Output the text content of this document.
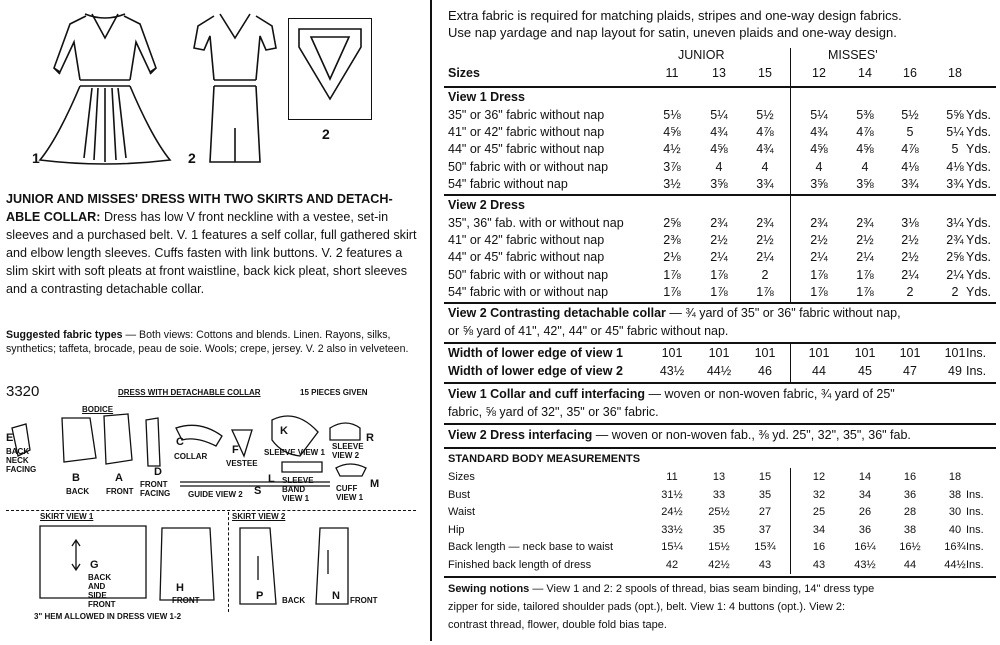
1	2
2
JUNIOR AND MISSES' DRESS WITH TWO SKIRTS AND DETACH-ABLE COLLAR: Dress has low V front neckline with a vestee, set-in sleeves and a purchased belt. V. 1 features a self collar, full gathered skirt and elbow length sleeves. Cuffs fasten with link buttons. V. 2 features a slim skirt with soft pleats at front waistline, back kick pleat, short sleeves and a contrasting detachable collar.
Suggested fabric types — Both views: Cottons and blends. Linen. Rayons, silks, synthetics; taffeta, brocade, peau de soie. Wools; crepe, jersey. V. 2 also in velveteen.
3320	DRESS WITH DETACHABLE COLLAR	15 PIECES GIVEN
BODICE
E
BACK NECK FACING
B
BACK
A
FRONT
D
FRONT FACING
C
COLLAR
F
VESTEE
K
SLEEVE VIEW 1
R
SLEEVE VIEW 2
GUIDE VIEW 2 S
SLEEVE BAND VIEW 1
L
CUFF VIEW 1
M
SKIRT VIEW 1	SKIRT VIEW 2
G
BACK AND SIDE FRONT
H
FRONT	P BACK N FRONT
3" HEM ALLOWED IN DRESS VIEW 1-2
Extra fabric is required for matching plaids, stripes and one-way design fabrics.
Use nap yardage and nap layout for satin, uneven plaids and one-way design.
JUNIOR	MISSES'
Sizes	11	13	15	12	14	16	18
View 1 Dress
35" or 36" fabric without nap	5⅛	5¼	5½	5¼	5⅜	5½	5⅝ Yds.
41" or 42" fabric without nap	4⅝	4¾	4⅞	4¾	4⅞	5	5¼ Yds.
44" or 45" fabric without nap	4½	4⅝	4¾	4⅝	4⅝	4⅞	5 Yds.
50" fabric with or without nap	3⅞	4	4	4	4	4⅛	4⅛ Yds.
54" fabric without nap	3½	3⅝	3¾	3⅝	3⅝	3¾	3¾ Yds.
View 2 Dress
35", 36" fab. with or without nap	2⅝	2¾	2¾	2¾	2¾	3⅛	3¼ Yds.
41" or 42" fabric without nap	2⅜	2½	2½	2½	2½	2½	2¾ Yds.
44" or 45" fabric without nap	2⅛	2¼	2¼	2¼	2¼	2½	2⅝ Yds.
50" fabric with or without nap	1⅞	1⅞	2	1⅞	1⅞	2¼	2¼ Yds.
54" fabric with or without nap	1⅞	1⅞	1⅞	1⅞	1⅞	2	2 Yds.
View 2 Contrasting detachable collar — ¾ yard of 35" or 36" fabric without nap,
or ⅝ yard of 41", 42", 44" or 45" fabric without nap.
Width of lower edge of view 1	101	101	101	101	101	101	101 Ins.
Width of lower edge of view 2	43½	44½	46	44	45	47	49 Ins.
View 1 Collar and cuff interfacing — woven or non-woven fabric, ¾ yard of 25"
fabric, ⅝ yard of 32", 35" or 36" fabric.
View 2 Dress interfacing — woven or non-woven fab., ⅜ yd. 25", 32", 35", 36" fab.
STANDARD BODY MEASUREMENTS
Sizes	11	13	15	12	14	16	18
Bust	31½	33	35	32	34	36	38 Ins.
Waist	24½	25½	27	25	26	28	30 Ins.
Hip	33½	35	37	34	36	38	40 Ins.
Back length — neck base to waist	15¼	15½	15¾	16	16¼	16½	16¾ Ins.
Finished back length of dress	42	42½	43	43	43½	44	44½ Ins.
Sewing notions — View 1 and 2: 2 spools of thread, bias seam binding, 14" dress type
zipper for side, tailored shoulder pads (opt.), belt. View 1: 4 buttons (opt.). View 2:
contrast thread, flower, double fold bias tape.
